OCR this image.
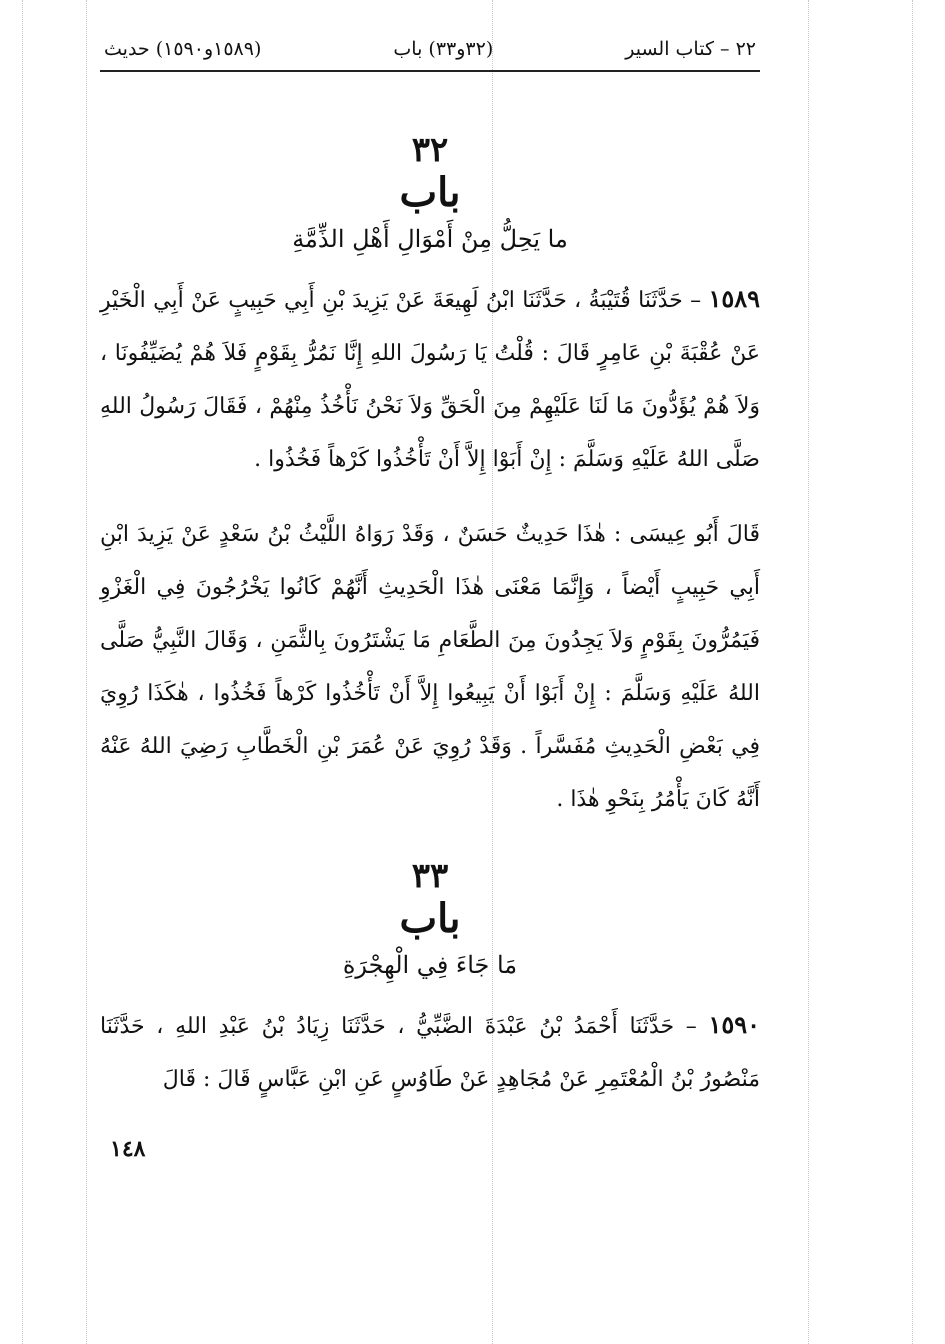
٢٢ – كتاب السير
(٣٢و٣٣) باب
(١٥٨٩و١٥٩٠) حديث
٣٢
باب
ما يَحِلُّ مِنْ أَمْوَالِ أَهْلِ الذِّمَّةِ
١٥٨٩ – حَدَّثَنَا قُتَيْبَةُ ، حَدَّثَنَا ابْنُ لَهِيعَةَ عَنْ يَزِيدَ بْنِ أَبِي حَبِيبٍ عَنْ أَبِي الْخَيْرِ عَنْ عُقْبَةَ بْنِ عَامِرٍ قَالَ : قُلْتُ يَا رَسُولَ اللهِ إِنَّا نَمُرُّ بِقَوْمٍ فَلاَ هُمْ يُضَيِّفُونَا ، وَلاَ هُمْ يُؤَدُّونَ مَا لَنَا عَلَيْهِمْ مِنَ الْحَقِّ وَلاَ نَحْنُ نَأْخُذُ مِنْهُمْ ، فَقَالَ رَسُولُ اللهِ صَلَّى اللهُ عَلَيْهِ وَسَلَّمَ : إِنْ أَبَوْا إِلاَّ أَنْ تَأْخُذُوا كَرْهاً فَخُذُوا .
قَالَ أَبُو عِيسَى : هٰذَا حَدِيثٌ حَسَنٌ ، وَقَدْ رَوَاهُ اللَّيْثُ بْنُ سَعْدٍ عَنْ يَزِيدَ ابْنِ أَبِي حَبِيبٍ أَيْضاً ، وَإِنَّمَا مَعْنَى هٰذَا الْحَدِيثِ أَنَّهُمْ كَانُوا يَخْرُجُونَ فِي الْغَزْوِ فَيَمُرُّونَ بِقَوْمٍ وَلاَ يَجِدُونَ مِنَ الطَّعَامِ مَا يَشْتَرُونَ بِالثَّمَنِ ، وَقَالَ النَّبِيُّ صَلَّى اللهُ عَلَيْهِ وَسَلَّمَ : إِنْ أَبَوْا أَنْ يَبِيعُوا إِلاَّ أَنْ تَأْخُذُوا كَرْهاً فَخُذُوا ، هٰكَذَا رُوِيَ فِي بَعْضِ الْحَدِيثِ مُفَسَّراً . وَقَدْ رُوِيَ عَنْ عُمَرَ بْنِ الْخَطَّابِ رَضِيَ اللهُ عَنْهُ أَنَّهُ كَانَ يَأْمُرُ بِنَحْوِ هٰذَا .
٣٣
باب
مَا جَاءَ فِي الْهِجْرَةِ
١٥٩٠ – حَدَّثَنَا أَحْمَدُ بْنُ عَبْدَةَ الضَّبِّيُّ ، حَدَّثَنَا زِيَادُ بْنُ عَبْدِ اللهِ ، حَدَّثَنَا مَنْصُورُ بْنُ الْمُعْتَمِرِ عَنْ مُجَاهِدٍ عَنْ طَاوُسٍ عَنِ ابْنِ عَبَّاسٍ قَالَ : قَالَ
١٤٨
